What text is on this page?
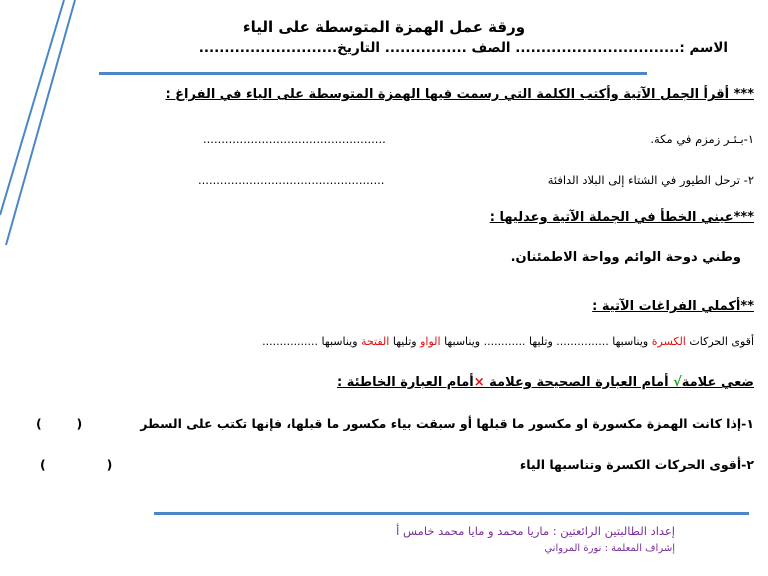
ورقة عمل الهمزة المتوسطة على الياء
الاسم :................................ الصف ................ التاريخ...........................
*** أقرأ الجمل الآتية وأكتب الكلمة التي رسمت فيها الهمزة المتوسطة على الياء في الفراغ :
١-بـئـر زمزم في مكة.
..................................................
٢- ترحل الطيور في الشتاء إلى البلاد الدافئة
...................................................
***عيني الخطأ في الجملة الآتية وعدليها :
وطني دوحة الوائم وواحة الاطمئنان.
**أكملي الفراغات الآتية :
أقوى الحركات الكسرة ويناسبها ............... وتليها ............ ويناسبها الواو وتليها الفتحة ويناسبها ................
ضعي علامة√ أمام العبارة الصحيحة وعلامة ×أمام العبارة الخاطئة :
١-إذا كانت الهمزة مكسورة او مكسور ما قبلها أو سبقت بياء مكسور ما قبلها، فإنها تكتب على السطر
(        )
٢-أقوى الحركات الكسرة وتناسبها الياء
(              )
إعداد الطالبتين الرائعتين : ماريا محمد و مايا محمد خامس أ
إشراف المعلمة : نورة المرواني
